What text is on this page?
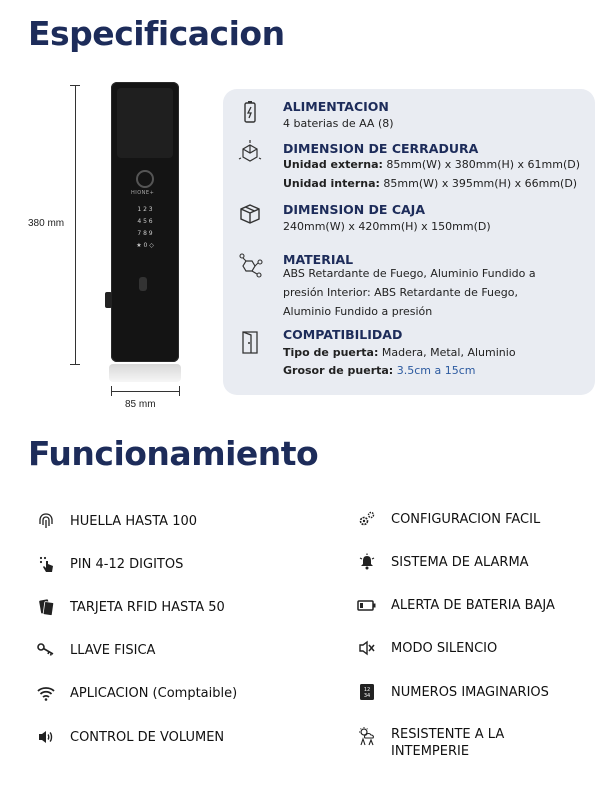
Especificacion
380 mm
HIONE+
1 2 3
4 5 6
7 8 9
★ 0 ◇
85 mm
ALIMENTACION
4 baterias de AA (8)
DIMENSION DE CERRADURA
Unidad externa: 85mm(W) x 380mm(H) x 61mm(D)
Unidad interna: 85mm(W) x 395mm(H) x 66mm(D)
DIMENSION DE CAJA
240mm(W) x 420mm(H) x 150mm(D)
MATERIAL
ABS Retardante de Fuego, Aluminio Fundido a
presión Interior: ABS Retardante de Fuego,
Aluminio Fundido a presión
COMPATIBILIDAD
Tipo de puerta: Madera, Metal, Aluminio
Grosor de puerta: 3.5cm a 15cm
Funcionamiento
HUELLA HASTA 100
PIN 4-12 DIGITOS
TARJETA RFID HASTA 50
LLAVE FISICA
APLICACION (Comptaible)
CONTROL DE VOLUMEN
CONFIGURACION FACIL
SISTEMA DE ALARMA
ALERTA DE BATERIA BAJA
MODO SILENCIO
12
34 NUMEROS IMAGINARIOS
RESISTENTE A LA
INTEMPERIE
